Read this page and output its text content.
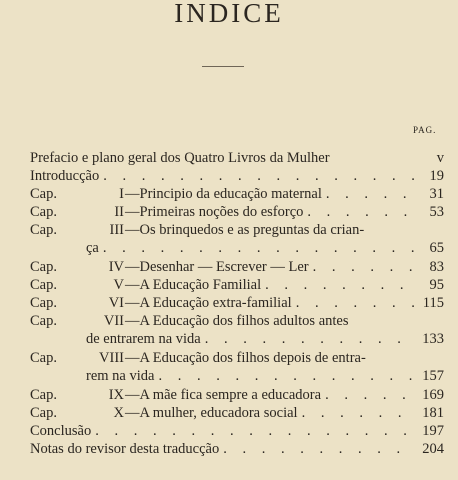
INDICE
PAG.
Prefacio e plano geral dos Quatro Livros da Mulher	v
Introducção . . .	19
Cap.	I — Principio da educação maternal . . .	31
Cap.	II — Primeiras noções do esforço . . .	53
Cap.	III — Os brinquedos e as preguntas da crian-
ça . . .	65
Cap.	IV — Desenhar — Escrever — Ler . . .	83
Cap.	V — A Educação Familial . . .	95
Cap.	VI — A Educação extra-familial . . .	115
Cap.	VII — A Educação dos filhos adultos antes
de entrarem na vida . . .	133
Cap.	VIII — A Educação dos filhos depois de entra-
rem na vida . . .	157
Cap.	IX — A mãe fica sempre a educadora . . .	169
Cap.	X — A mulher, educadora social . . .	181
Conclusão . . .	197
Notas do revisor desta traducção . . .	204
